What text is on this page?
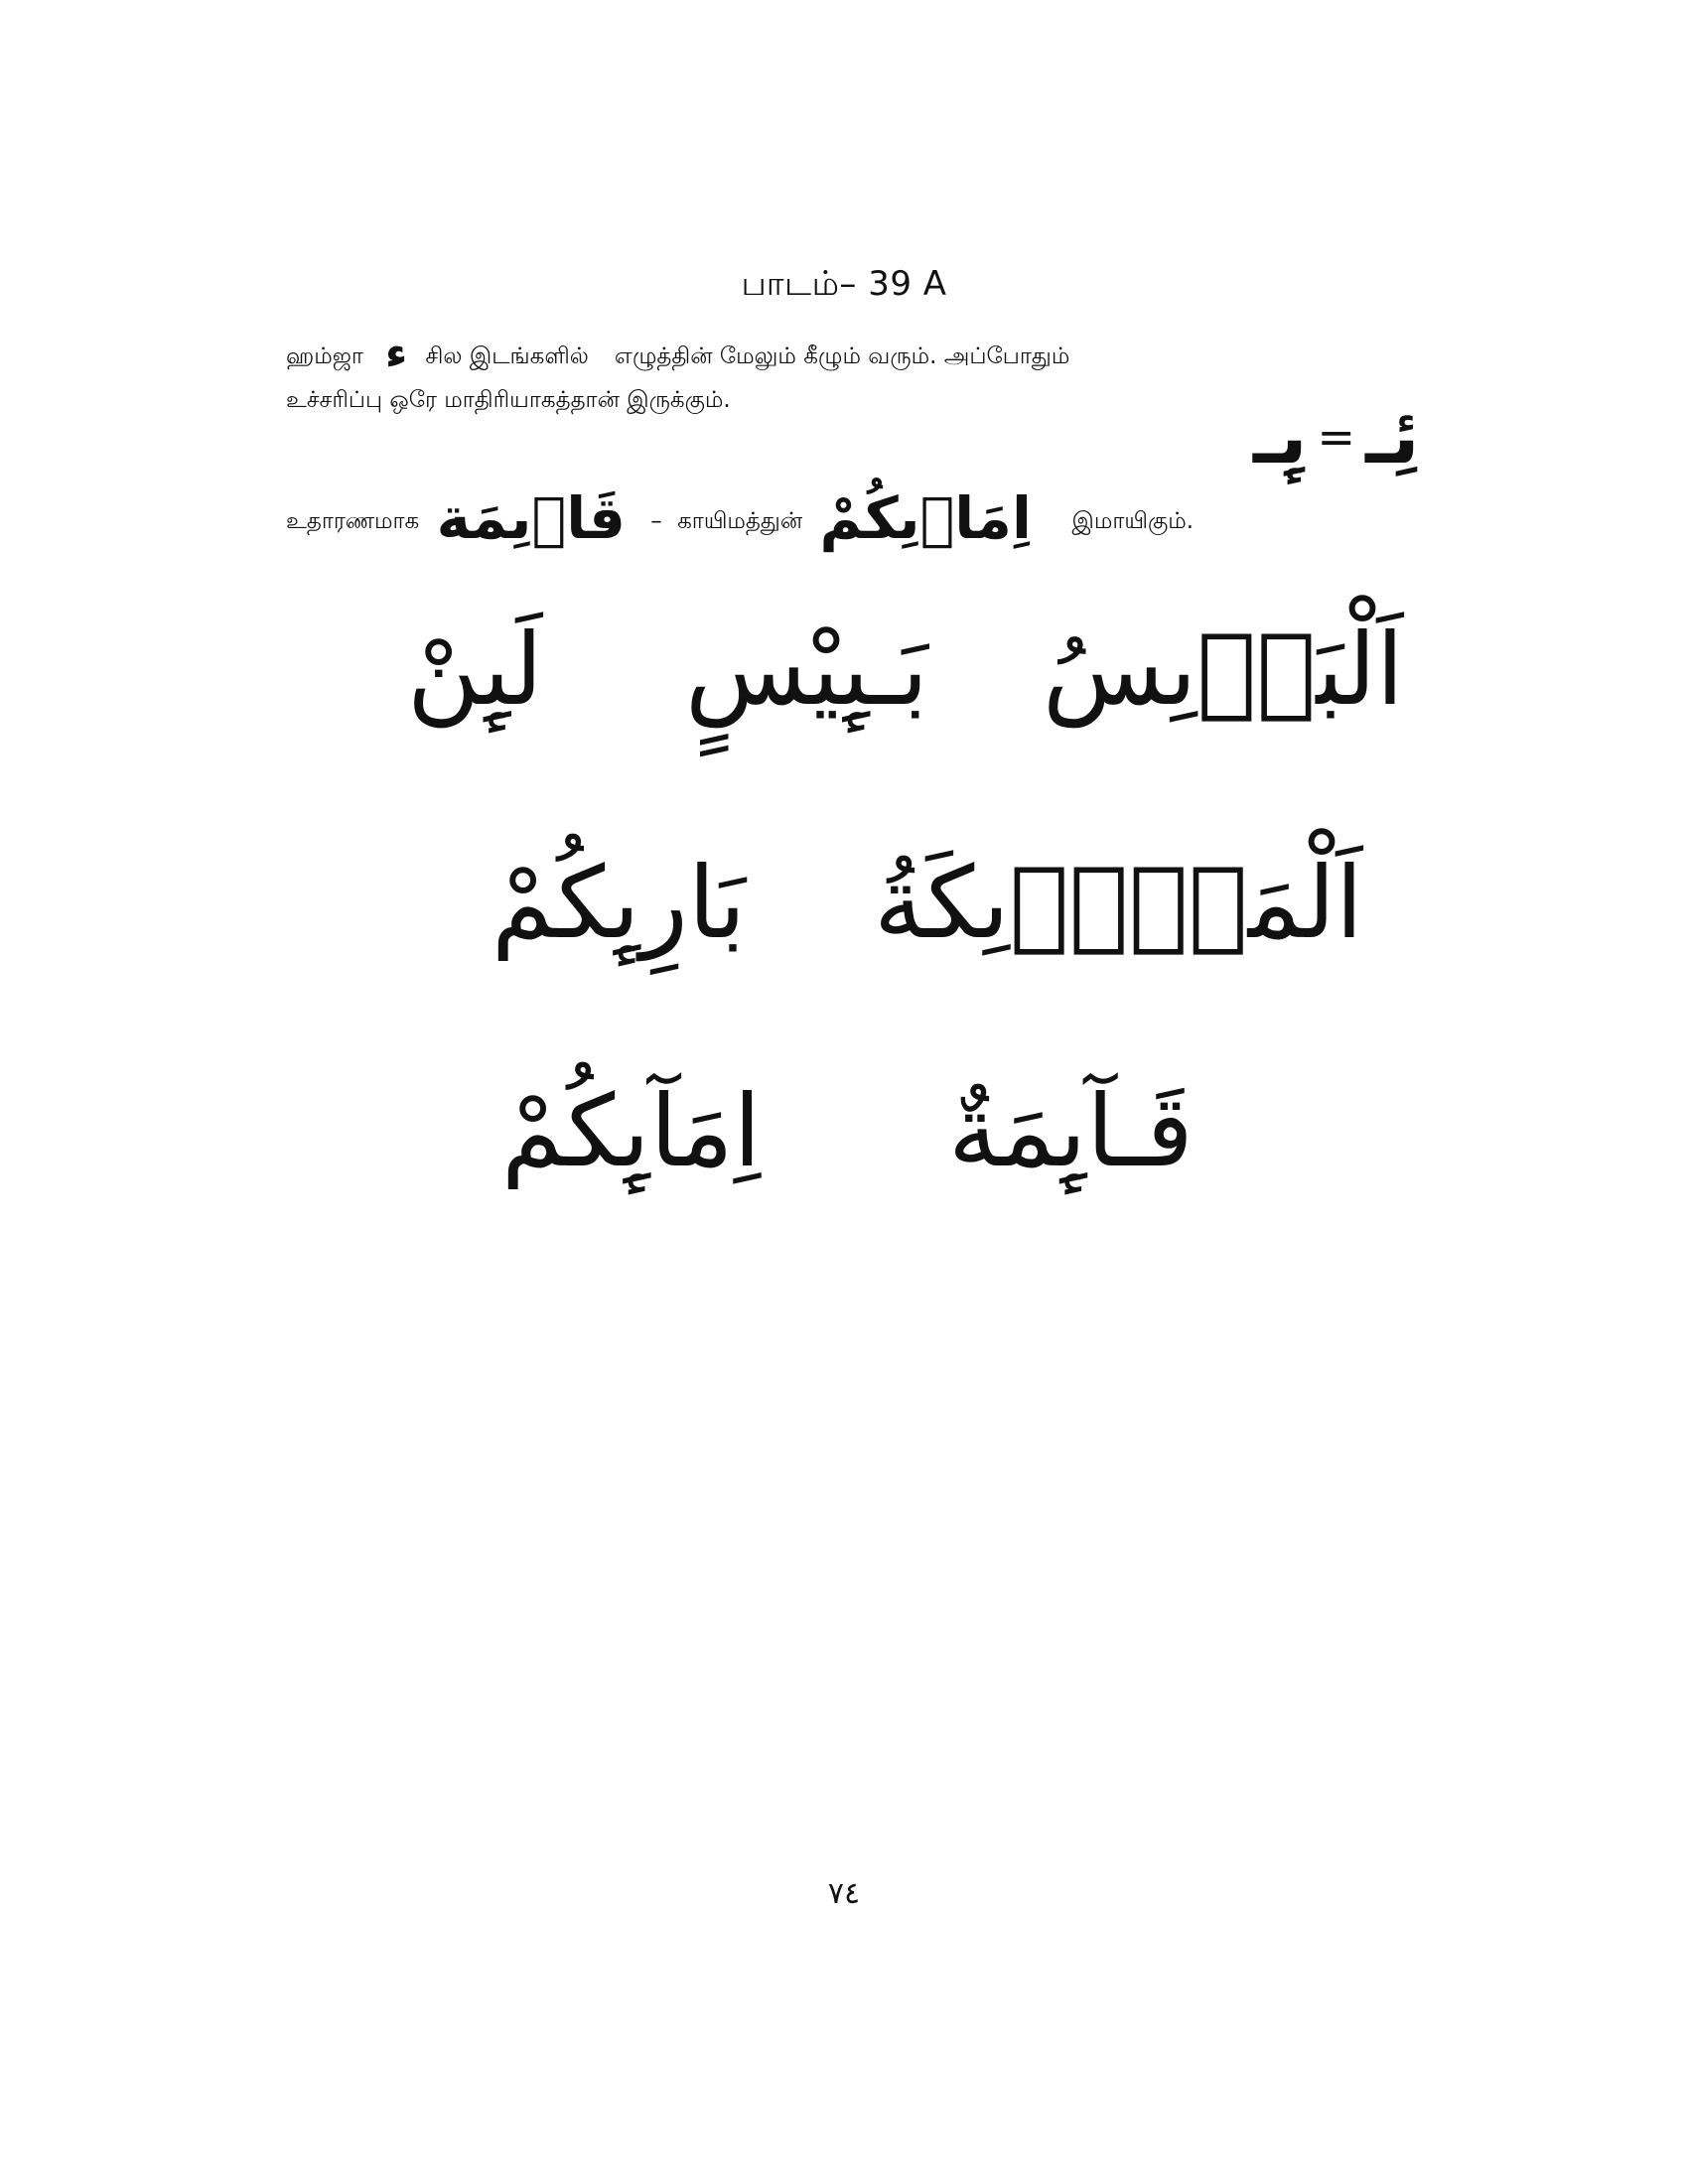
பாடம்– 39 A
ஹம்ஜா ء சில இடங்களில் எழுத்தின் மேலும் கீழும் வரும். அப்போதும்
உச்சரிப்பு ஒரே மாதிரியாகத்தான் இருக்கும்.
உதாரணமாக قَاۭىِمَة – காயிமத்துன் اِمَاۭىِكُمْ இமாயிகும்.
ىِٕـ = ئِـ
اَلْبَاۭىِسُ
بَـىِٕيْسٍ
لَىِٕنْ
اَلْمَلاَۭىِكَةُ
بَارِىِٕكُمْ
قَـآىِٕمَةٌ
اِمَآىِٕكُمْ
٧٤
